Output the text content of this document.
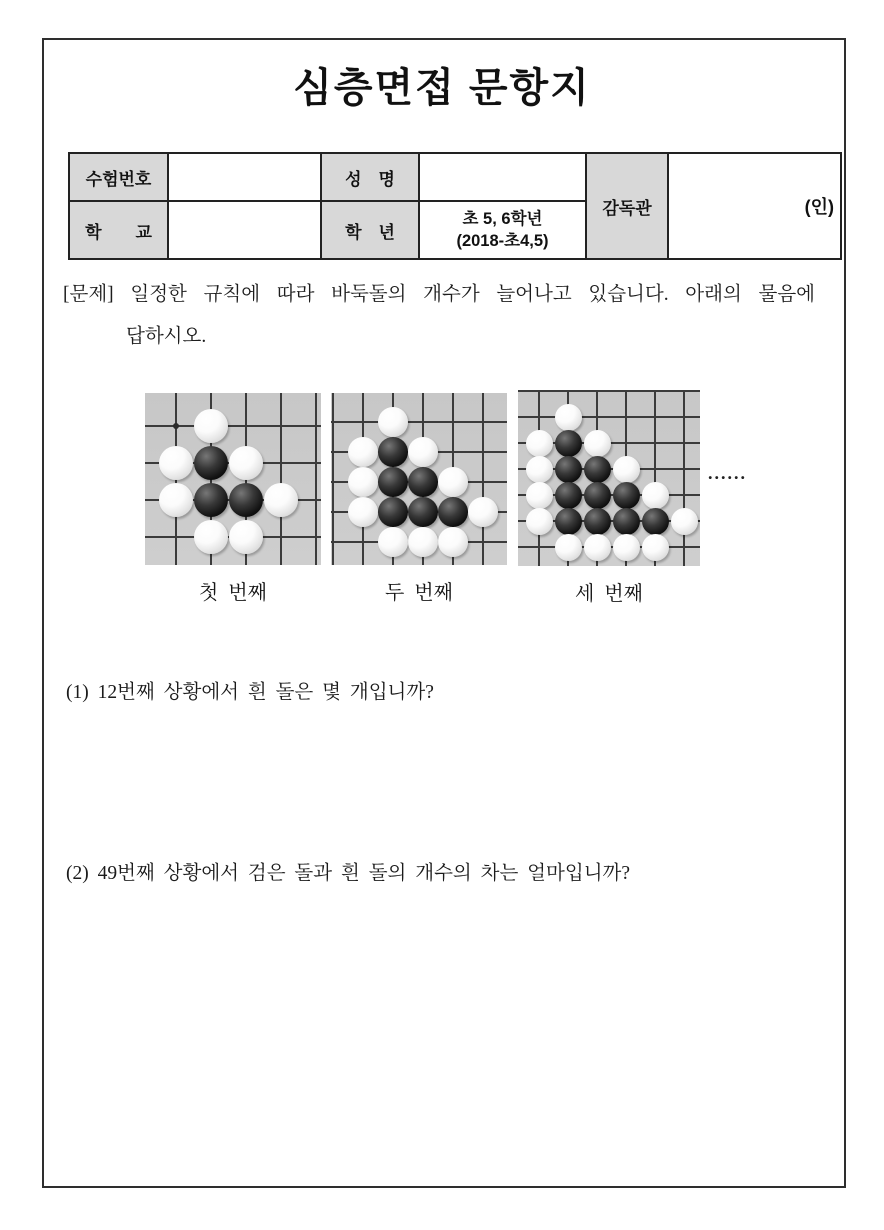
심층면접 문항지
수험번호		성　명		감독관	(인)
학　　교		학　년	초 5, 6학년
(2018-초4,5)		
[문제] 일정한 규칙에 따라 바둑돌의 개수가 늘어나고 있습니다. 아래의 물음에
답하시오.
첫 번째	두 번째	세 번째
......
(1) 12번째 상황에서 흰 돌은 몇 개입니까?
(2) 49번째 상황에서 검은 돌과 흰 돌의 개수의 차는 얼마입니까?
